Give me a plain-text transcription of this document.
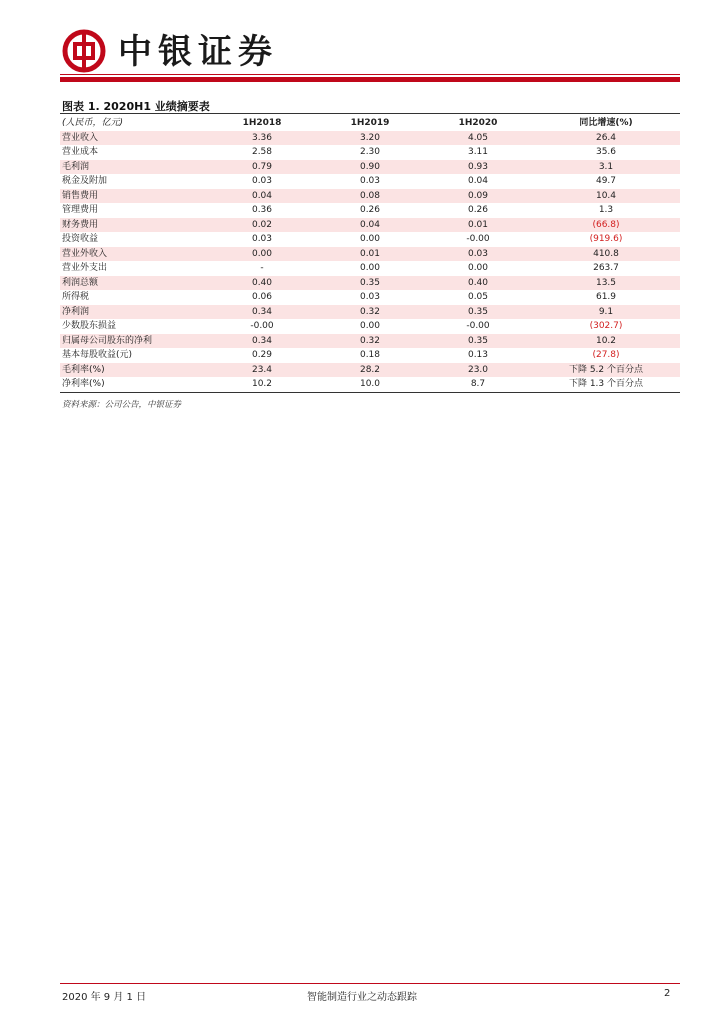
中银证券
图表 1. 2020H1 业绩摘要表
(人民币，亿元)	1H2018	1H2019	1H2020	同比增速(%)
营业收入	3.36	3.20	4.05	26.4
营业成本	2.58	2.30	3.11	35.6
毛利润	0.79	0.90	0.93	3.1
税金及附加	0.03	0.03	0.04	49.7
销售费用	0.04	0.08	0.09	10.4
管理费用	0.36	0.26	0.26	1.3
财务费用	0.02	0.04	0.01	(66.8)
投资收益	0.03	0.00	-0.00	(919.6)
营业外收入	0.00	0.01	0.03	410.8
营业外支出	-	0.00	0.00	263.7
利润总额	0.40	0.35	0.40	13.5
所得税	0.06	0.03	0.05	61.9
净利润	0.34	0.32	0.35	9.1
少数股东损益	-0.00	0.00	-0.00	(302.7)
归属母公司股东的净利	0.34	0.32	0.35	10.2
基本每股收益(元)	0.29	0.18	0.13	(27.8)
毛利率(%)	23.4	28.2	23.0	下降 5.2 个百分点
净利率(%)	10.2	10.0	8.7	下降 1.3 个百分点
资料来源：公司公告，中银证券
2020 年 9 月 1 日	智能制造行业之动态跟踪	2
